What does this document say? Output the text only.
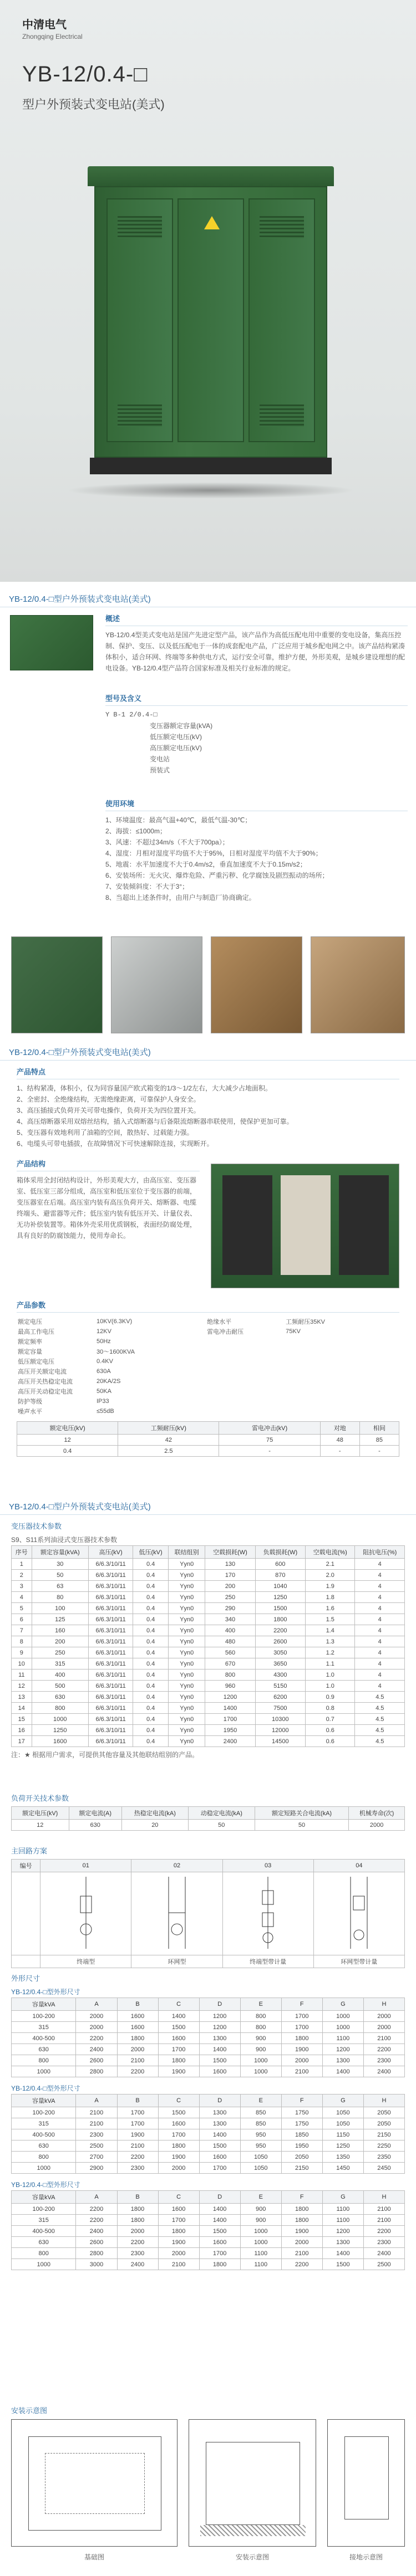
中清电气
Zhongqing Electrical
YB-12/0.4-□
型户外预装式变电站(美式)
YB-12/0.4-□型户外预装式变电站(美式)
概述
YB-12/0.4型美式变电站是国产先进定型产品，该产品作为高低压配电用中重要的变电设备，集高压控制、保护、变压、以及低压配电于一体的成套配电产品，广泛应用于城乡配电网之中。该产品结构紧凑体积小，适合环网、终端等多种供电方式，运行安全可靠，维护方便，外形美观，是城乡建设理想的配电设备。YB-12/0.4型产品符合国家标准及相关行业标准的规定。
型号及含义
Y B-1 2/0.4-□
变压器额定容量(kVA)
低压额定电压(kV)
高压额定电压(kV)
变电站
预装式
使用环境
1、环境温度：最高气温+40℃，最低气温-30℃；
2、海拔：≤1000m；
3、风速：不超过34m/s（不大于700pa）；
4、湿度：月相对湿度平均值不大于95%，日相对湿度平均值不大于90%；
5、地震：水平加速度不大于0.4m/s2，垂直加速度不大于0.15m/s2；
6、安装场所：无火灾、爆炸危险、严重污秽、化学腐蚀及剧烈振动的场所；
7、安装倾斜度：不大于3°；
8、当超出上述条件时，由用户与制造厂协商确定。
YB-12/0.4-□型户外预装式变电站(美式)
产品特点
1、结构紧凑，体积小，仅为同容量国产欧式箱变的1/3～1/2左右，大大减少占地面积。
2、全密封、全绝缘结构，无需绝缘距离，可靠保护人身安全。
3、高压插接式负荷开关可带电操作，负荷开关为四位置开关。
4、高压熔断器采用双熔丝结构，插入式熔断器与后备限流熔断器串联使用，使保护更加可靠。
5、变压器有效地利用了油箱的空间，散热好、过载能力强。
6、电缆头可带电插拔，在故障情况下可快速解除连接，实现断开。
产品结构
箱体采用全封闭结构设计，外形美观大方，由高压室、变压器室、低压室三部分组成，高压室和低压室位于变压器的前端，变压器室在后端。高压室内装有高压负荷开关、熔断器、电缆终端头、避雷器等元件；低压室内装有低压开关、计量仪表、无功补偿装置等。箱体外壳采用优质钢板，表面经防腐处理，具有良好的防腐蚀能力，使用寿命长。
产品参数
额定电压	10KV(6.3KV)	绝缘水平	工频耐压35KV
最高工作电压	12KV	雷电冲击耐压	75KV
额定频率	50Hz		
额定容量	30～1600KVA		
低压额定电压	0.4KV		
高压开关额定电流	630A		
高压开关热稳定电流	20KA/2S		
高压开关动稳定电流	50KA		
防护等级	IP33		
噪声水平	≤55dB		
额定电压(kV)	工频耐压(kV)	雷电冲击(kV)	对地	相间
12	42	75	48	85
0.4	2.5	-	-	-
YB-12/0.4-□型户外预装式变电站(美式)
变压器技术参数
S9、S11系列油浸式变压器技术参数
序号	额定容量(kVA)	高压(kV)	低压(kV)	联结组别	空载损耗(W)	负载损耗(W)	空载电流(%)	阻抗电压(%)
1	30	6/6.3/10/11	0.4	Yyn0	130	600	2.1	4
2	50	6/6.3/10/11	0.4	Yyn0	170	870	2.0	4
3	63	6/6.3/10/11	0.4	Yyn0	200	1040	1.9	4
4	80	6/6.3/10/11	0.4	Yyn0	250	1250	1.8	4
5	100	6/6.3/10/11	0.4	Yyn0	290	1500	1.6	4
6	125	6/6.3/10/11	0.4	Yyn0	340	1800	1.5	4
7	160	6/6.3/10/11	0.4	Yyn0	400	2200	1.4	4
8	200	6/6.3/10/11	0.4	Yyn0	480	2600	1.3	4
9	250	6/6.3/10/11	0.4	Yyn0	560	3050	1.2	4
10	315	6/6.3/10/11	0.4	Yyn0	670	3650	1.1	4
11	400	6/6.3/10/11	0.4	Yyn0	800	4300	1.0	4
12	500	6/6.3/10/11	0.4	Yyn0	960	5150	1.0	4
13	630	6/6.3/10/11	0.4	Yyn0	1200	6200	0.9	4.5
14	800	6/6.3/10/11	0.4	Yyn0	1400	7500	0.8	4.5
15	1000	6/6.3/10/11	0.4	Yyn0	1700	10300	0.7	4.5
16	1250	6/6.3/10/11	0.4	Yyn0	1950	12000	0.6	4.5
17	1600	6/6.3/10/11	0.4	Yyn0	2400	14500	0.6	4.5
注：★ 根据用户需求，可提供其他容量及其他联结组别的产品。
负荷开关技术参数
额定电压(kV)	额定电流(A)	热稳定电流(kA)	动稳定电流(kA)	额定短路关合电流(kA)	机械寿命(次)
12	630	20	50	50	2000
主回路方案
编号	01	02	03	04

	终端型	环网型	终端型带计量	环网型带计量
外形尺寸
YB-12/0.4-□型外形尺寸
容量kVA	A	B	C	D	E	F	G	H
100-200	2000	1600	1400	1200	800	1700	1000	2000
315	2000	1600	1500	1200	800	1700	1000	2000
400-500	2200	1800	1600	1300	900	1800	1100	2100
630	2400	2000	1700	1400	900	1900	1200	2200
800	2600	2100	1800	1500	1000	2000	1300	2300
1000	2800	2200	1900	1600	1000	2100	1400	2400
YB-12/0.4-□型外形尺寸
容量kVA	A	B	C	D	E	F	G	H
100-200	2100	1700	1500	1300	850	1750	1050	2050
315	2100	1700	1600	1300	850	1750	1050	2050
400-500	2300	1900	1700	1400	950	1850	1150	2150
630	2500	2100	1800	1500	950	1950	1250	2250
800	2700	2200	1900	1600	1050	2050	1350	2350
1000	2900	2300	2000	1700	1050	2150	1450	2450
YB-12/0.4-□型外形尺寸
容量kVA	A	B	C	D	E	F	G	H
100-200	2200	1800	1600	1400	900	1800	1100	2100
315	2200	1800	1700	1400	900	1800	1100	2100
400-500	2400	2000	1800	1500	1000	1900	1200	2200
630	2600	2200	1900	1600	1000	2000	1300	2300
800	2800	2300	2000	1700	1100	2100	1400	2400
1000	3000	2400	2100	1800	1100	2200	1500	2500
安装示意图
基础图	安装示意图	接地示意图
